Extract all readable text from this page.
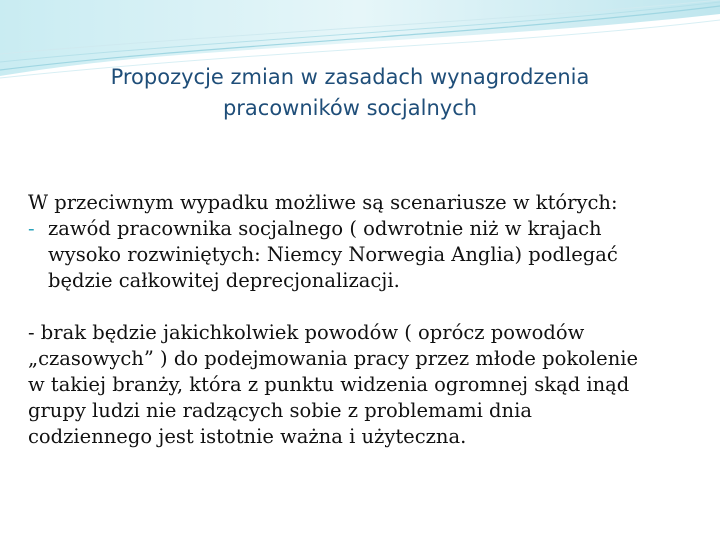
Propozycje zmian w zasadach wynagrodzenia
pracowników socjalnych
W przeciwnym wypadku możliwe są scenariusze w których:
- zawód pracownika socjalnego ( odwrotnie niż w krajach
wysoko rozwiniętych: Niemcy Norwegia Anglia) podlegać
będzie całkowitej deprecjonalizacji.
- brak będzie jakichkolwiek powodów ( oprócz powodów
„czasowych” ) do podejmowania pracy przez młode pokolenie
w takiej branży, która z punktu widzenia ogromnej skąd inąd
grupy ludzi nie radzących sobie z problemami dnia
codziennego jest istotnie ważna i użyteczna.
